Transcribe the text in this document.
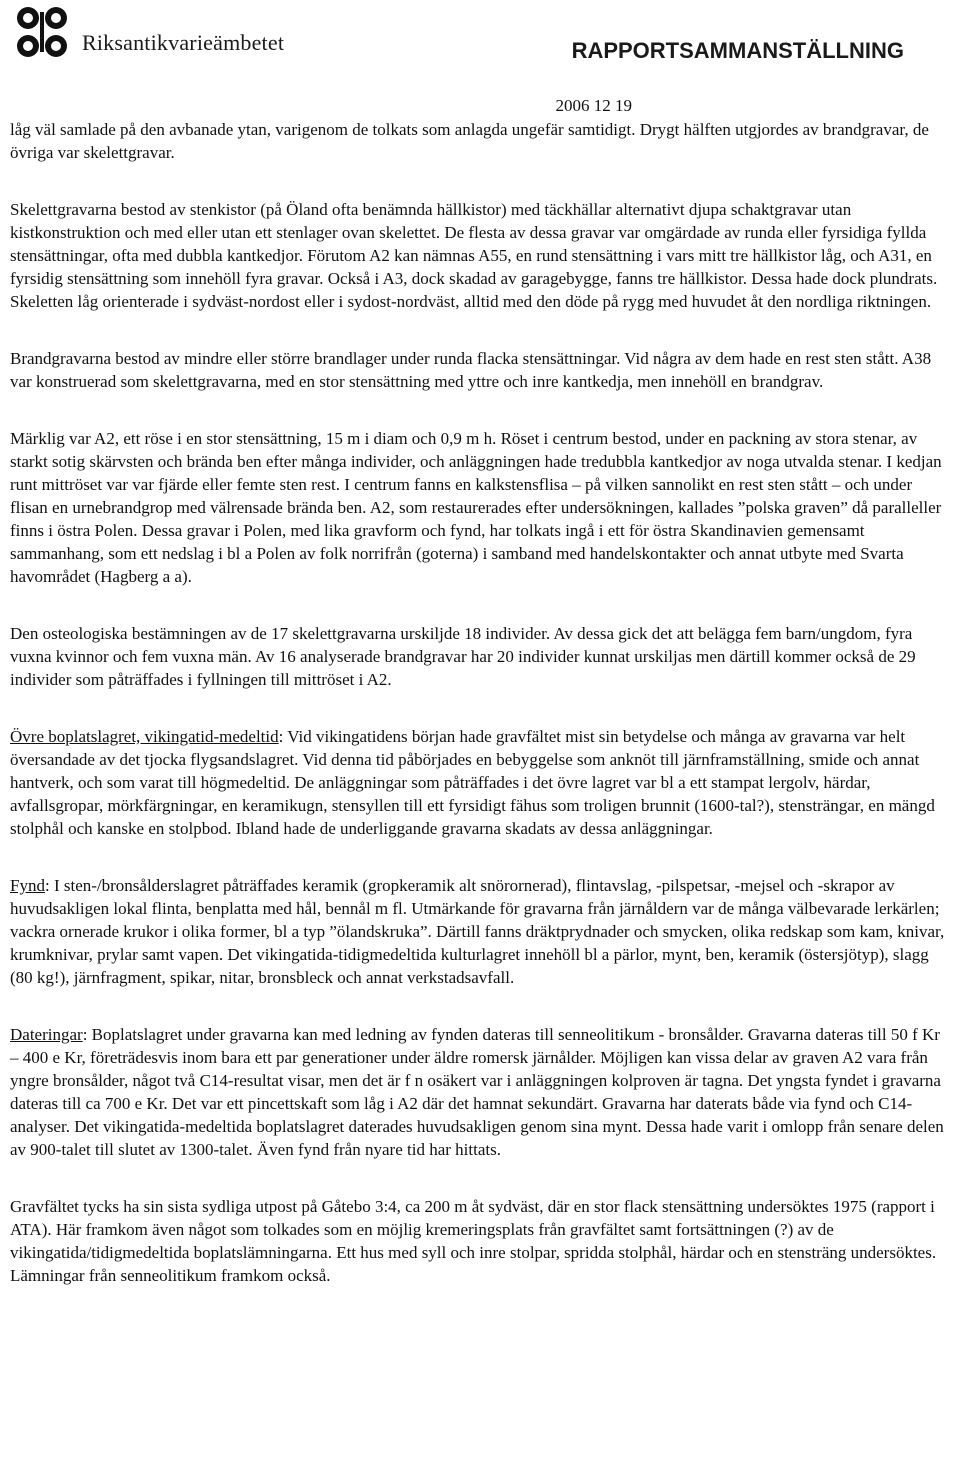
Riksantikvarieämbetet	RAPPORTSAMMANSTÄLLNING
2006 12 19

låg väl samlade på den avbanade ytan, varigenom de tolkats som anlagda ungefär samtidigt. Drygt hälften utgjordes av brandgravar, de övriga var skelettgravar.

Skelettgravarna bestod av stenkistor (på Öland ofta benämnda hällkistor) med täckhällar alternativt djupa schaktgravar utan kistkonstruktion och med eller utan ett stenlager ovan skelettet. De flesta av dessa gravar var omgärdade av runda eller fyrsidiga fyllda stensättningar, ofta med dubbla kantkedjor. Förutom A2 kan nämnas A55, en rund stensättning i vars mitt tre hällkistor låg, och A31, en fyrsidig stensättning som innehöll fyra gravar. Också i A3, dock skadad av garagebygge, fanns tre hällkistor. Dessa hade dock plundrats. Skeletten låg orienterade i sydväst-nordost eller i sydost-nordväst, alltid med den döde på rygg med huvudet åt den nordliga riktningen.

Brandgravarna bestod av mindre eller större brandlager under runda flacka stensättningar. Vid några av dem hade en rest sten stått. A38 var konstruerad som skelettgravarna, med en stor stensättning med yttre och inre kantkedja, men innehöll en brandgrav.

Märklig var A2, ett röse i en stor stensättning, 15 m i diam och 0,9 m h. Röset i centrum bestod, under en packning av stora stenar, av starkt sotig skärvsten och brända ben efter många individer, och anläggningen hade tredubbla kantkedjor av noga utvalda stenar. I kedjan runt mittröset var var fjärde eller femte sten rest. I centrum fanns en kalkstensflisa – på vilken sannolikt en rest sten stått – och under flisan en urnebrandgrop med välrensade brända ben. A2, som restaurerades efter undersökningen, kallades ”polska graven” då paralleller finns i östra Polen. Dessa gravar i Polen, med lika gravform och fynd, har tolkats ingå i ett för östra Skandinavien gemensamt sammanhang, som ett nedslag i bl a Polen av folk norrifrån (goterna) i samband med handelskontakter och annat utbyte med Svarta havområdet (Hagberg a a).

Den osteologiska bestämningen av de 17 skelettgravarna urskiljde 18 individer. Av dessa gick det att belägga fem barn/ungdom, fyra vuxna kvinnor och fem vuxna män. Av 16 analyserade brandgravar har 20 individer kunnat urskiljas men därtill kommer också de 29 individer som påträffades i fyllningen till mittröset i A2.

Övre boplatslagret, vikingatid-medeltid: Vid vikingatidens början hade gravfältet mist sin betydelse och många av gravarna var helt översandade av det tjocka flygsandslagret. Vid denna tid påbörjades en bebyggelse som anknöt till järnframställning, smide och annat hantverk, och som varat till högmedeltid. De anläggningar som påträffades i det övre lagret var bl a ett stampat lergolv, härdar, avfallsgropar, mörkfärgningar, en keramikugn, stensyllen till ett fyrsidigt fähus som troligen brunnit (1600-tal?), stensträngar, en mängd stolphål och kanske en stolpbod. Ibland hade de underliggande gravarna skadats av dessa anläggningar.

Fynd: I sten-/bronsålderslagret påträffades keramik (gropkeramik alt snörornerad), flintavslag, -pilspetsar, -mejsel och -skrapor av huvudsakligen lokal flinta, benplatta med hål, bennål m fl. Utmärkande för gravarna från järnåldern var de många välbevarade lerkärlen; vackra ornerade krukor i olika former, bl a typ ”ölandskruka”. Därtill fanns dräktprydnader och smycken, olika redskap som kam, knivar, krumknivar, prylar samt vapen. Det vikingatida-tidigmedeltida kulturlagret innehöll bl a pärlor, mynt, ben, keramik (östersjötyp), slagg (80 kg!), järnfragment, spikar, nitar, bronsbleck och annat verkstadsavfall.

Dateringar: Boplatslagret under gravarna kan med ledning av fynden dateras till senneolitikum - bronsålder. Gravarna dateras till 50 f Kr – 400 e Kr, företrädesvis inom bara ett par generationer under äldre romersk järnålder. Möjligen kan vissa delar av graven A2 vara från yngre bronsålder, något två C14-resultat visar, men det är f n osäkert var i anläggningen kolproven är tagna. Det yngsta fyndet i gravarna dateras till ca 700 e Kr. Det var ett pincettskaft som låg i A2 där det hamnat sekundärt. Gravarna har daterats både via fynd och C14-analyser. Det vikingatida-medeltida boplatslagret daterades huvudsakligen genom sina mynt. Dessa hade varit i omlopp från senare delen av 900-talet till slutet av 1300-talet. Även fynd från nyare tid har hittats.

Gravfältet tycks ha sin sista sydliga utpost på Gåtebo 3:4, ca 200 m åt sydväst, där en stor flack stensättning undersöktes 1975 (rapport i ATA). Här framkom även något som tolkades som en möjlig kremeringsplats från gravfältet samt fortsättningen (?) av de vikingatida/tidigmedeltida boplatslämningarna. Ett hus med syll och inre stolpar, spridda stolphål, härdar och en stensträng undersöktes. Lämningar från senneolitikum framkom också.
